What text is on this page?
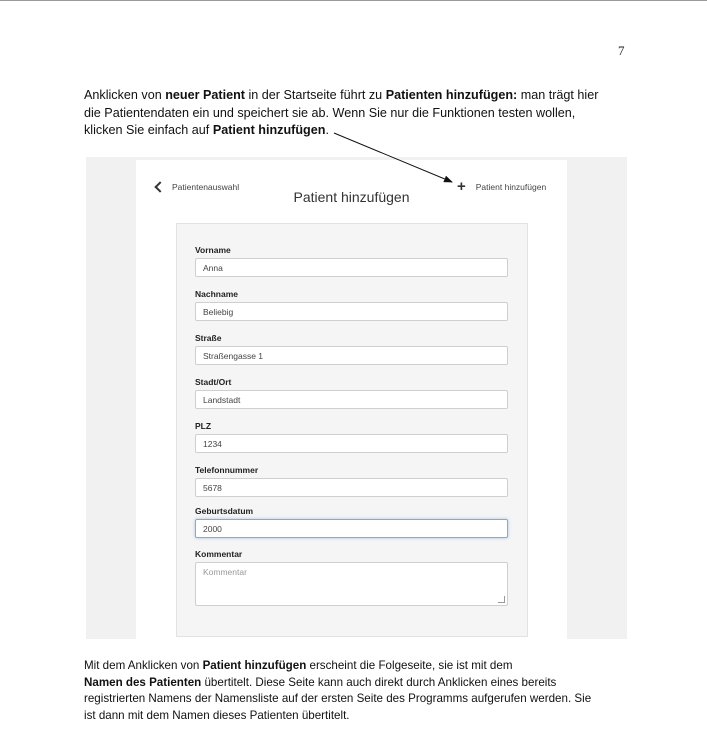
7
Anklicken von neuer Patient in der Startseite führt zu Patienten hinzufügen: man trägt hier
die Patientendaten ein und speichert sie ab. Wenn Sie nur die Funktionen testen wollen,
klicken Sie einfach auf Patient hinzufügen.
Patientenauswahl
Patient hinzufügen
+ Patient hinzufügen
Vorname
Anna
Nachname
Beliebig
Straße
Straßengasse 1
Stadt/Ort
Landstadt
PLZ
1234
Telefonnummer
5678
Geburtsdatum
2000
Kommentar
Kommentar
Mit dem Anklicken von Patient hinzufügen erscheint die Folgeseite, sie ist mit dem
Namen des Patienten übertitelt. Diese Seite kann auch direkt durch Anklicken eines bereits
registrierten Namens der Namensliste auf der ersten Seite des Programms aufgerufen werden. Sie
ist dann mit dem Namen dieses Patienten übertitelt.
